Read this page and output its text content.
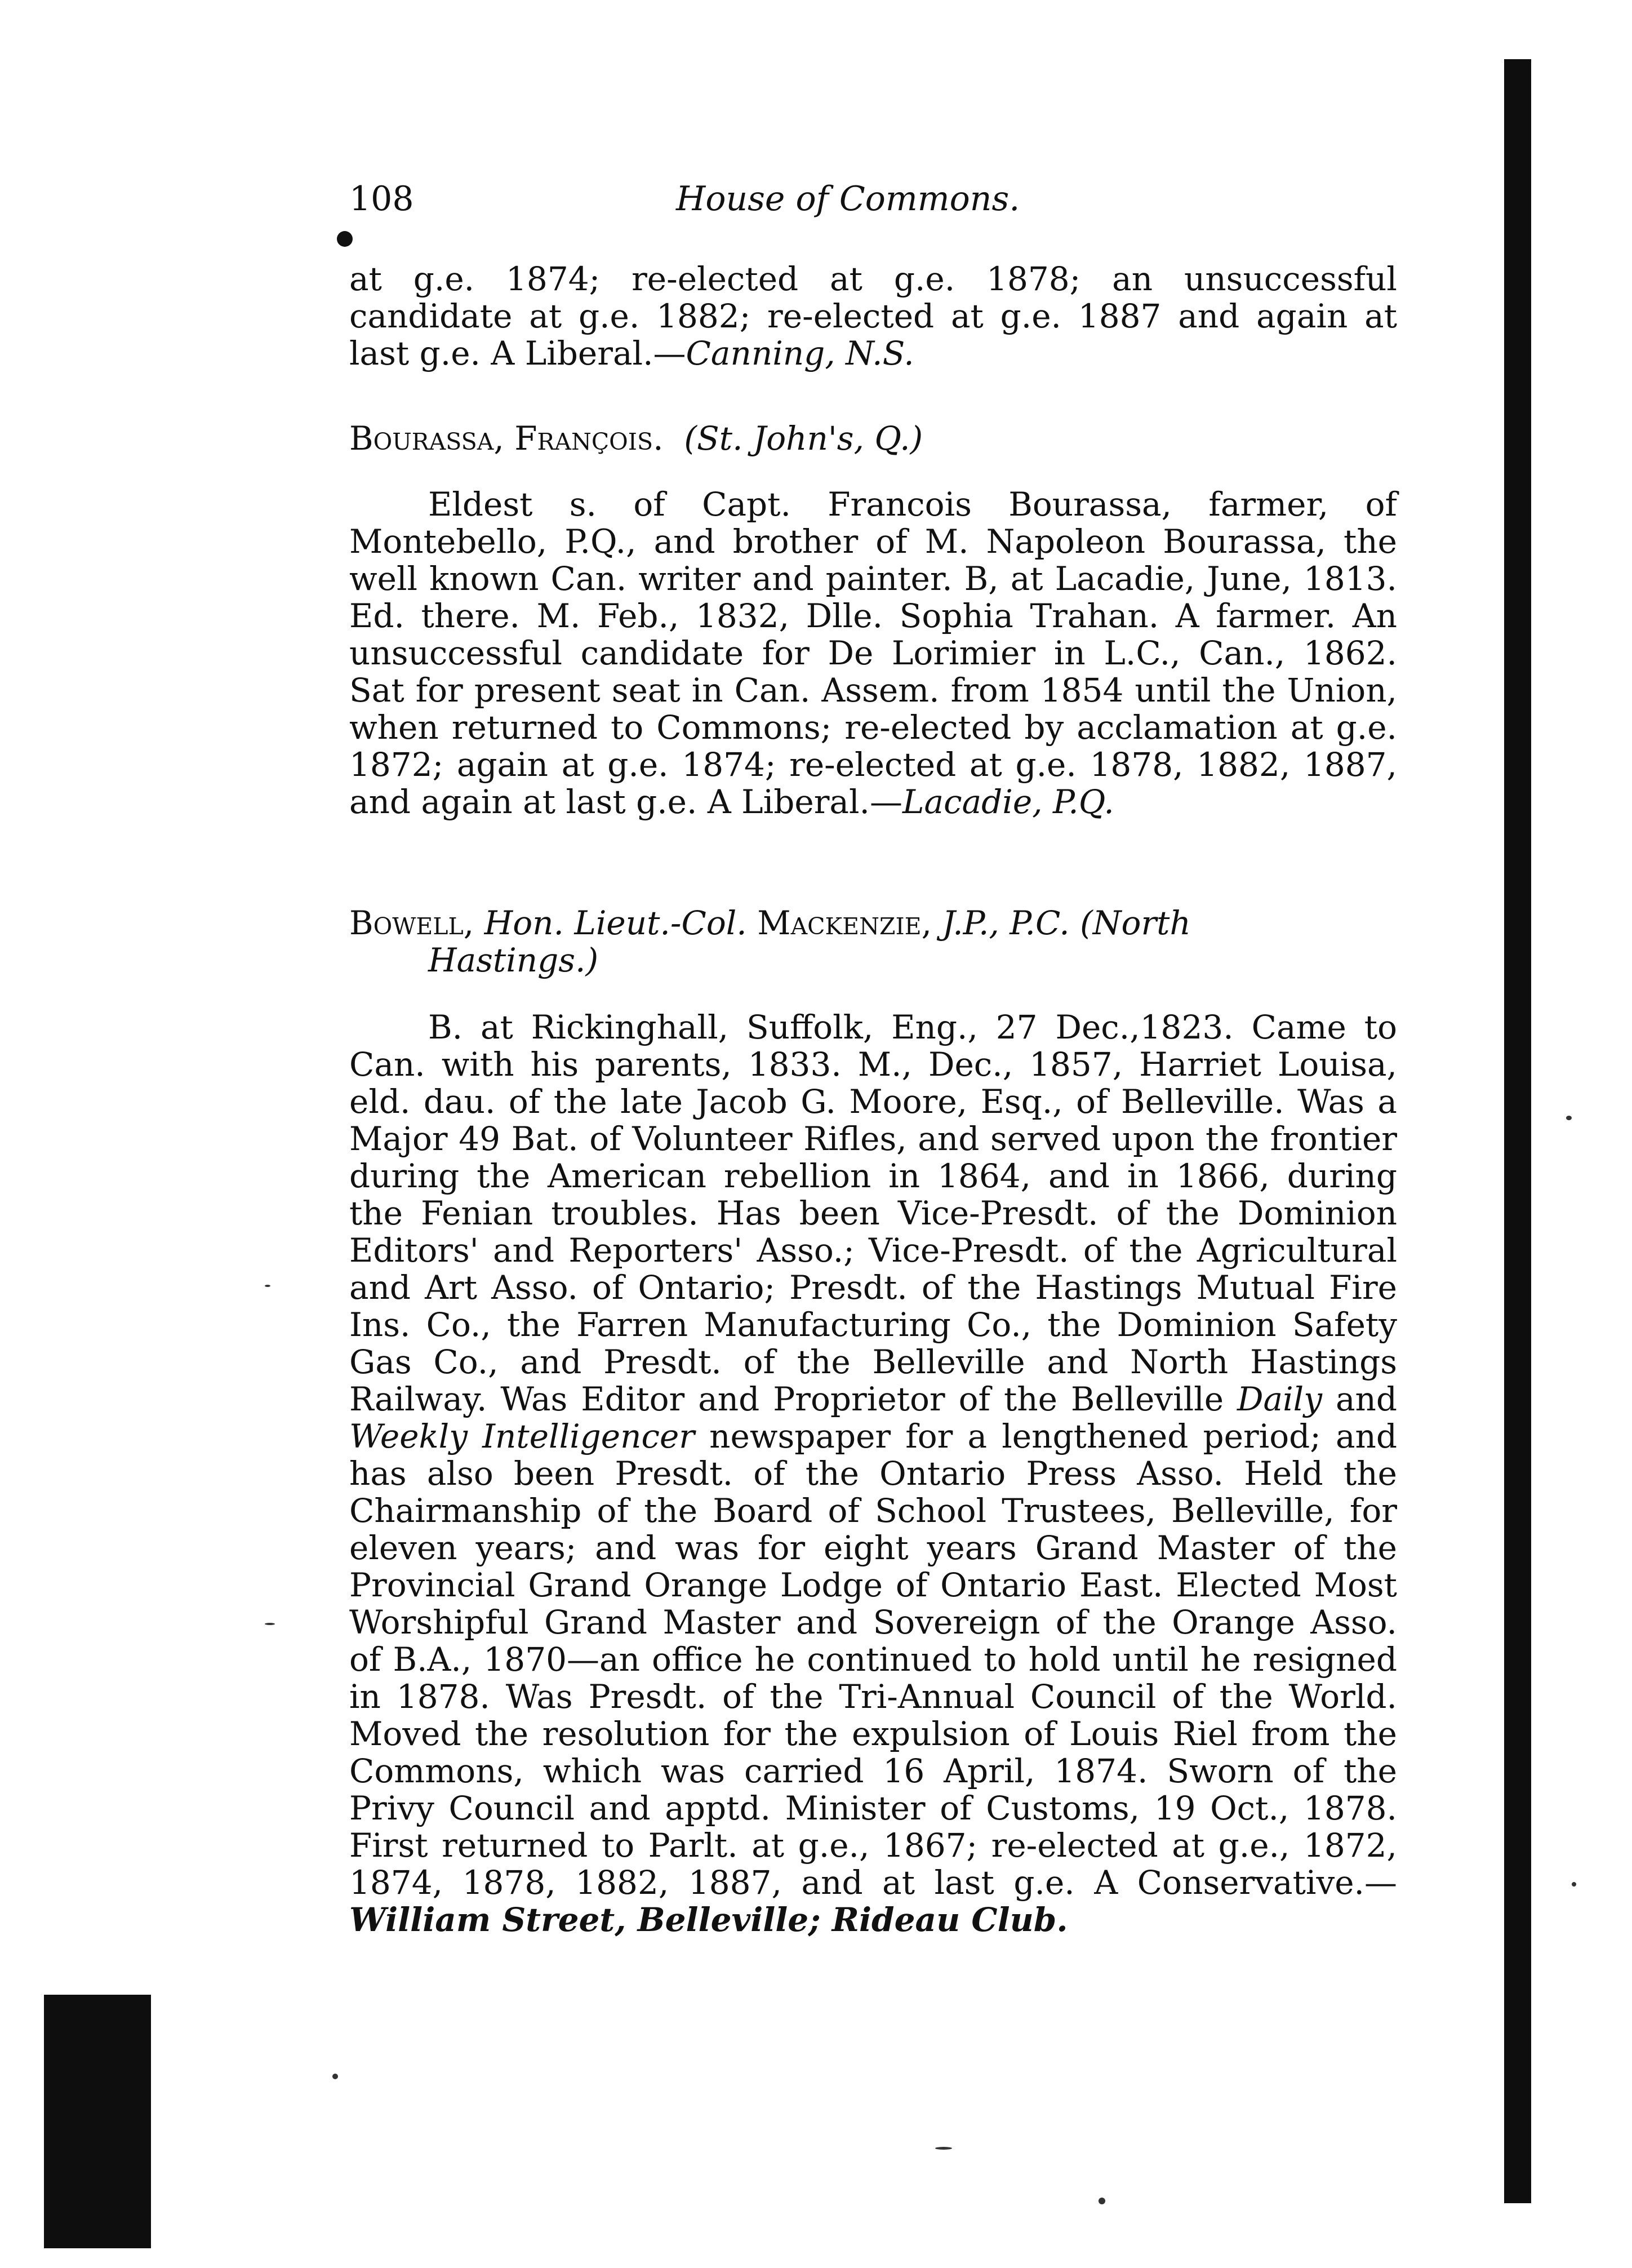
108	House of Commons.
at g.e. 1874; re-elected at g.e. 1878; an unsuccessful candidate at g.e. 1882; re-elected at g.e. 1887 and again at last g.e. A Liberal.—Canning, N.S.
Bourassa, François. (St. John's, Q.)
Eldest s. of Capt. Francois Bourassa, farmer, of Montebello, P.Q., and brother of M. Napoleon Bourassa, the well known Can. writer and painter. B, at Lacadie, June, 1813. Ed. there. M. Feb., 1832, Dlle. Sophia Trahan. A farmer. An unsuccessful candidate for De Lorimier in L.C., Can., 1862. Sat for present seat in Can. Assem. from 1854 until the Union, when returned to Commons; re-elected by acclamation at g.e. 1872; again at g.e. 1874; re-elected at g.e. 1878, 1882, 1887, and again at last g.e. A Liberal.—Lacadie, P.Q.
Bowell, Hon. Lieut.-Col. Mackenzie, J.P., P.C. (North
Hastings.)
B. at Rickinghall, Suffolk, Eng., 27 Dec.,1823. Came to Can. with his parents, 1833. M., Dec., 1857, Harriet Louisa, eld. dau. of the late Jacob G. Moore, Esq., of Belleville. Was a Major 49 Bat. of Volunteer Rifles, and served upon the frontier during the American rebellion in 1864, and in 1866, during the Fenian troubles. Has been Vice-Presdt. of the Dominion Editors' and Reporters' Asso.; Vice-Presdt. of the Agricultural and Art Asso. of Ontario; Presdt. of the Hastings Mutual Fire Ins. Co., the Farren Manufacturing Co., the Dominion Safety Gas Co., and Presdt. of the Belleville and North Hastings Railway. Was Editor and Proprietor of the Belleville Daily and Weekly Intelligencer newspaper for a lengthened period; and has also been Presdt. of the Ontario Press Asso. Held the Chairmanship of the Board of School Trustees, Belleville, for eleven years; and was for eight years Grand Master of the Provincial Grand Orange Lodge of Ontario East. Elected Most Worshipful Grand Master and Sovereign of the Orange Asso. of B.A., 1870—an office he continued to hold until he resigned in 1878. Was Presdt. of the Tri-Annual Council of the World. Moved the resolution for the expulsion of Louis Riel from the Commons, which was carried 16 April, 1874. Sworn of the Privy Council and apptd. Minister of Customs, 19 Oct., 1878. First returned to Parlt. at g.e., 1867; re-elected at g.e., 1872, 1874, 1878, 1882, 1887, and at last g.e. A Conservative.—William Street, Belleville; Rideau Club.
